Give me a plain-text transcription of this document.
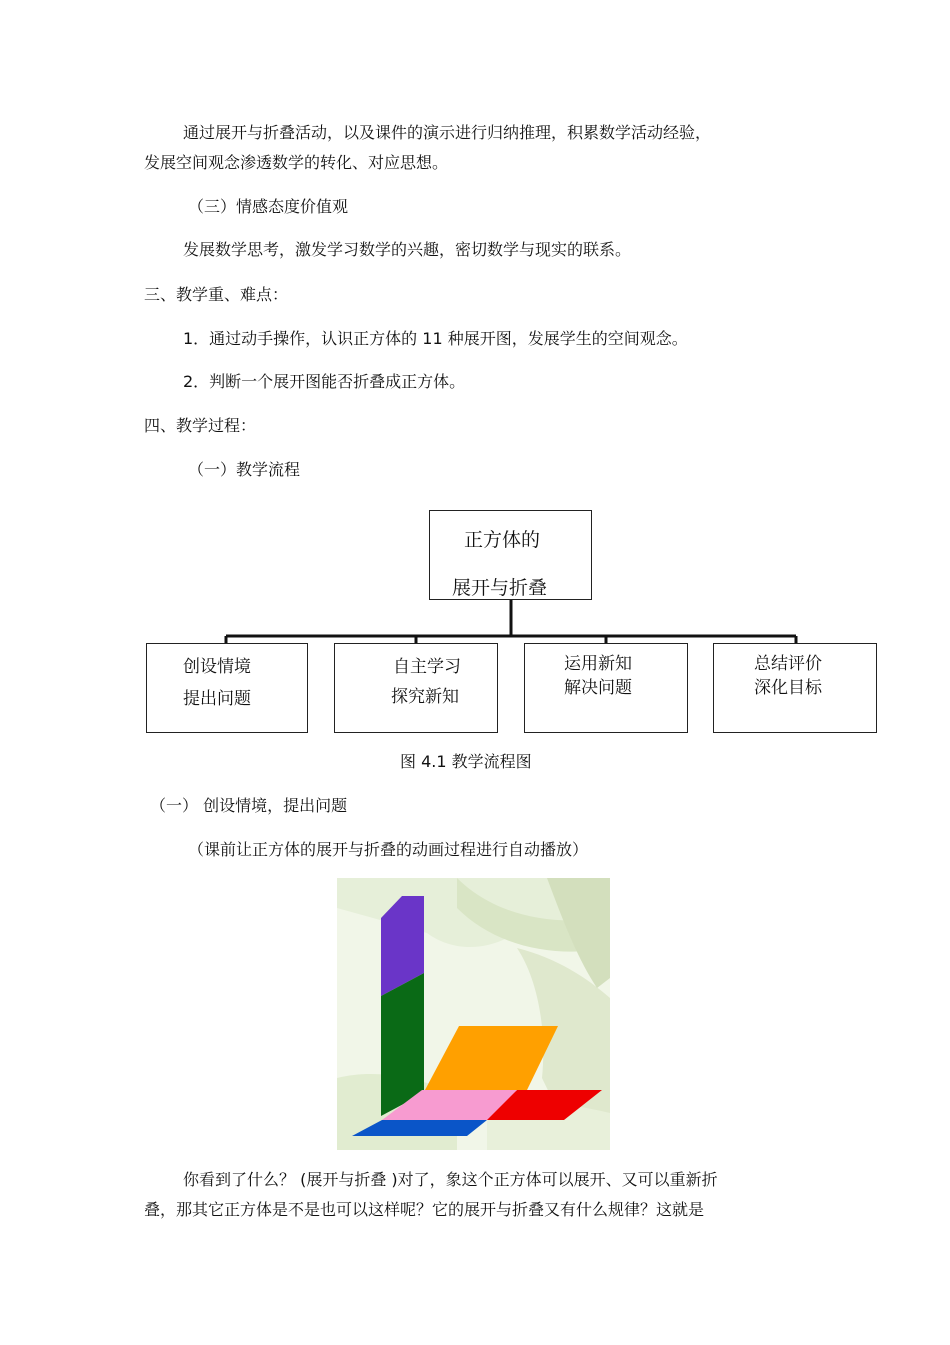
通过展开与折叠活动，以及课件的演示进行归纳推理，积累数学活动经验，
发展空间观念渗透数学的转化、对应思想。
（三）情感态度价值观
发展数学思考，激发学习数学的兴趣，密切数学与现实的联系。
三、教学重、难点：
1．通过动手操作，认识正方体的 11 种展开图，发展学生的空间观念。
2．判断一个展开图能否折叠成正方体。
四、教学过程：
（一）教学流程
正方体的
展开与折叠
创设情境
提出问题
自主学习
探究新知
运用新知
解决问题
总结评价
深化目标
图 4.1 教学流程图
（一） 创设情境，提出问题
（课前让正方体的展开与折叠的动画过程进行自动播放）
你看到了什么？ (展开与折叠 )对了，象这个正方体可以展开、又可以重新折
叠，那其它正方体是不是也可以这样呢？它的展开与折叠又有什么规律？这就是
